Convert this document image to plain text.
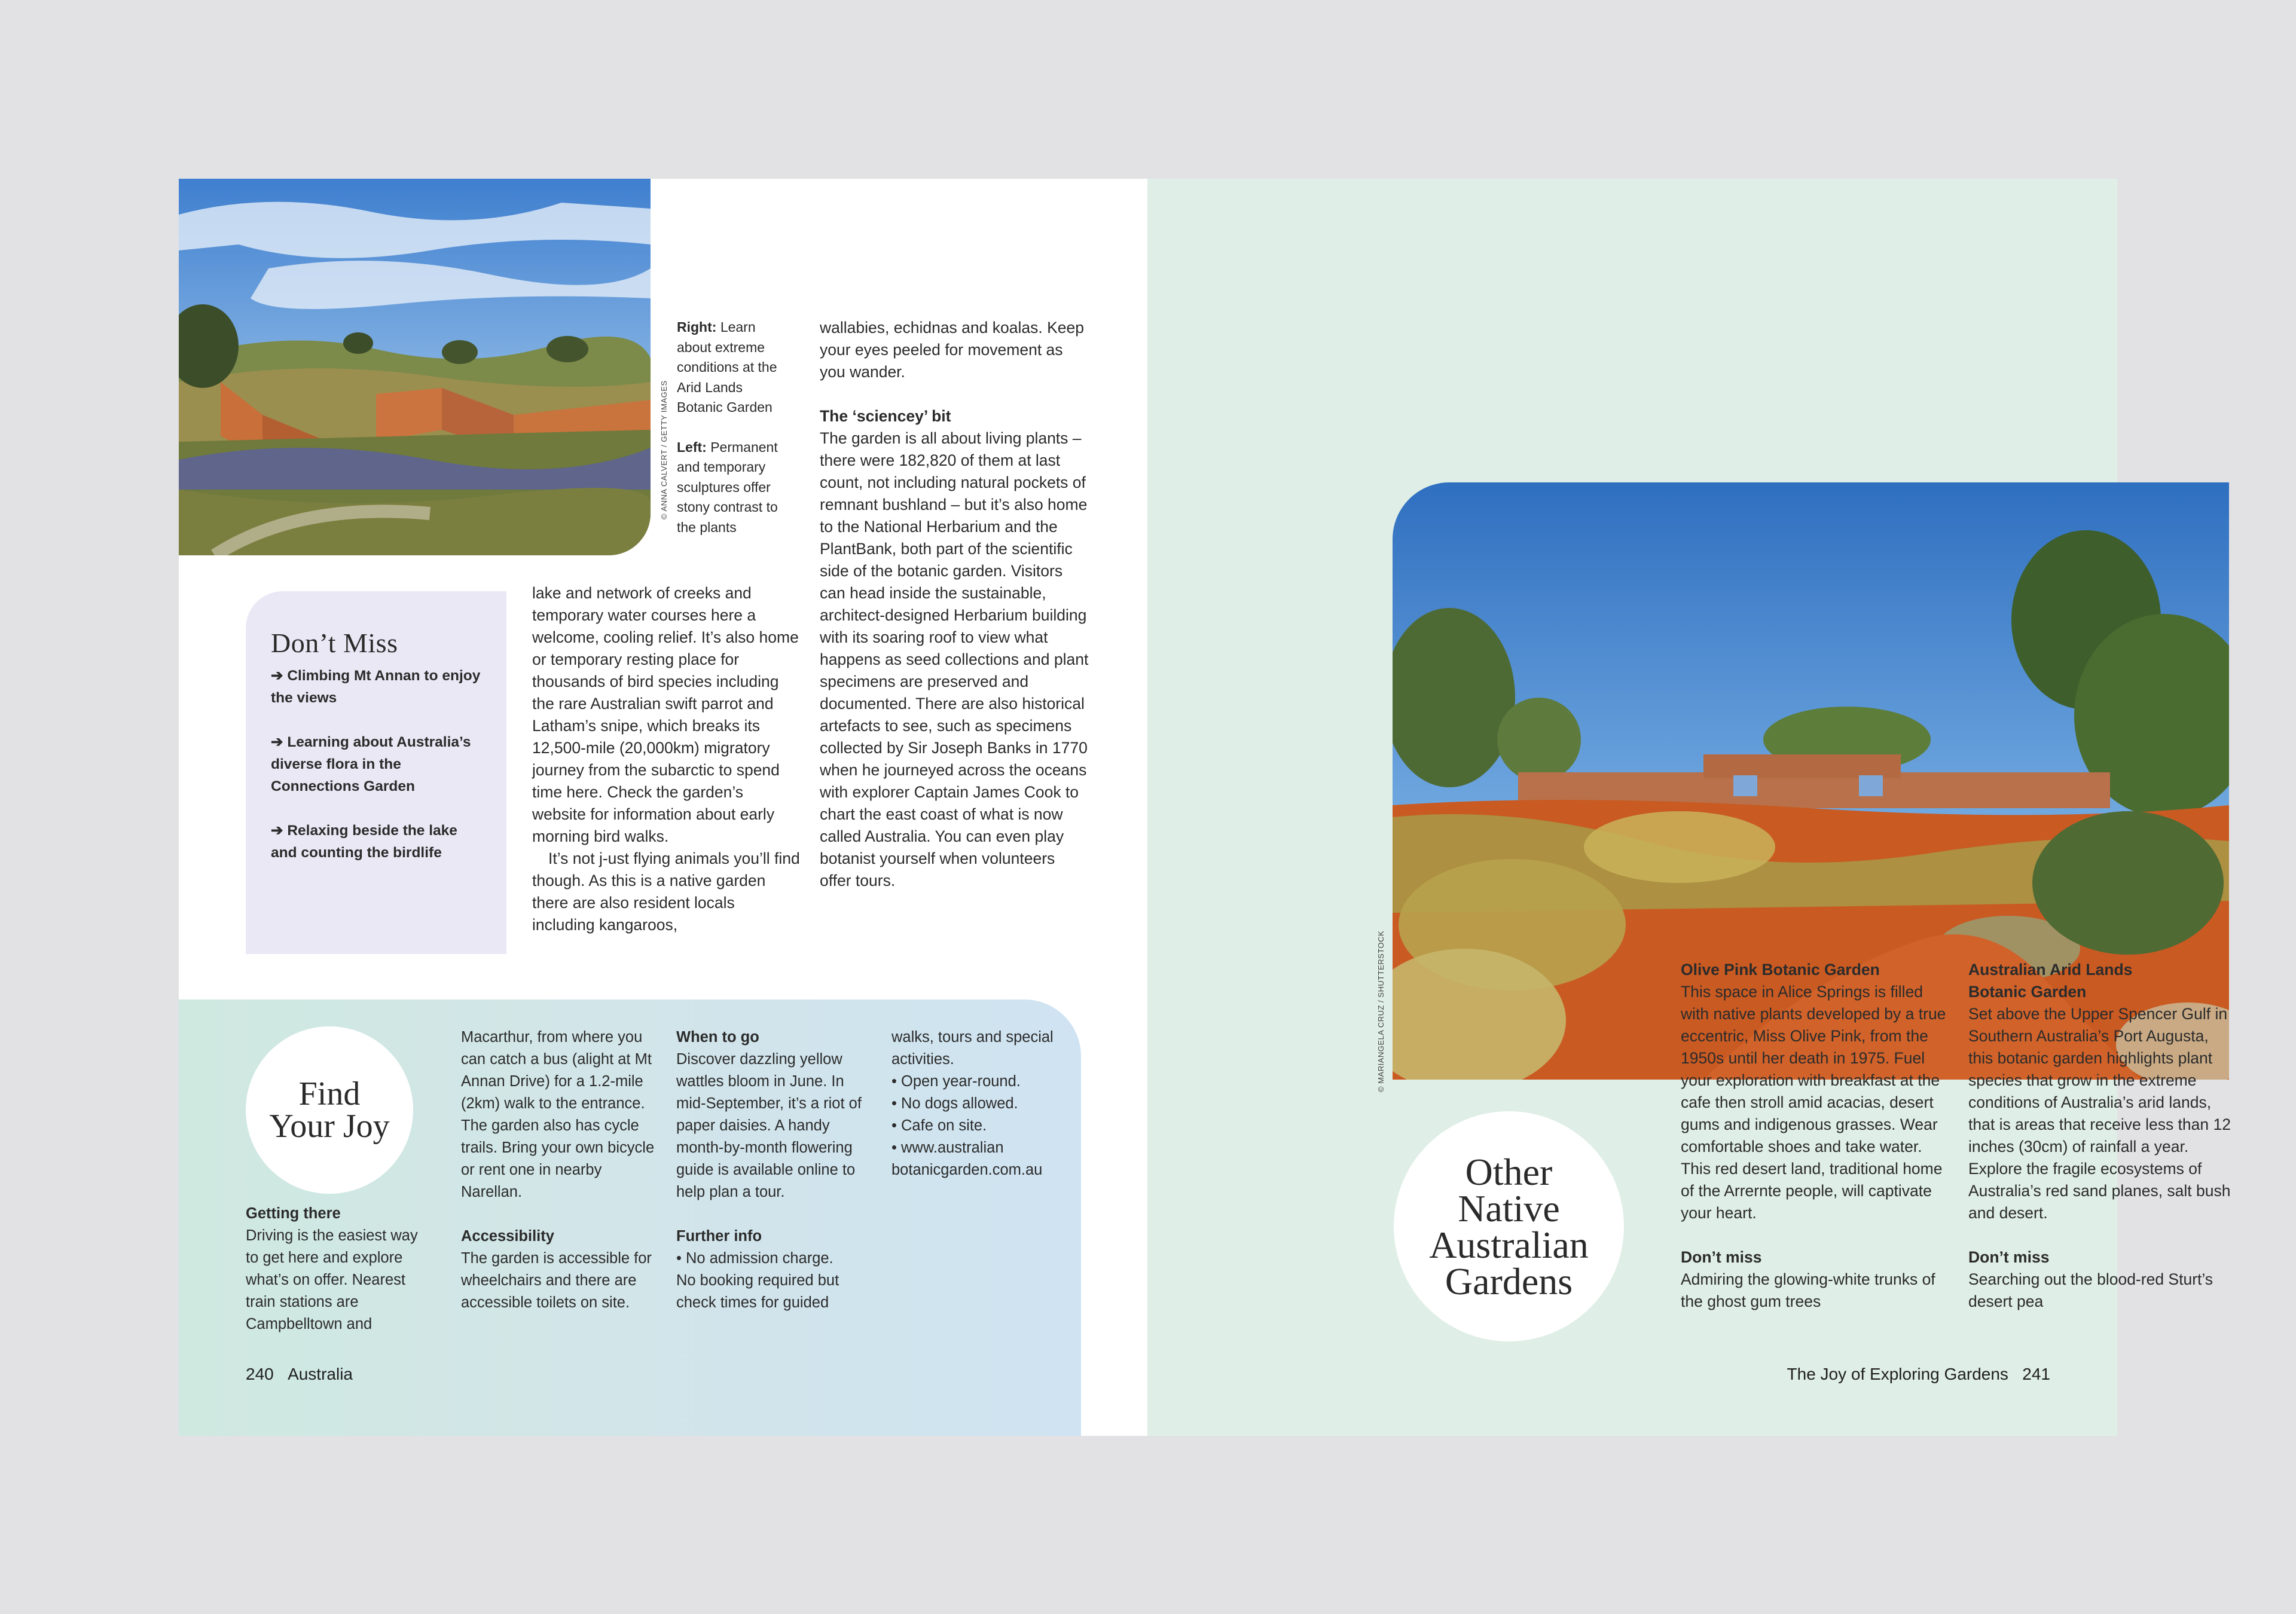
© ANNA CALVERT / GETTY IMAGES

Right: Learn about extreme conditions at the Arid Lands Botanic Garden

Left: Permanent and temporary sculptures offer stony contrast to the plants

Don’t Miss
➔ Climbing Mt Annan to enjoy the views
➔ Learning about Australia’s diverse flora in the Connections Garden
➔ Relaxing beside the lake and counting the birdlife

lake and network of creeks and temporary water courses here a welcome, cooling relief. It’s also home or temporary resting place for thousands of bird species including the rare Australian swift parrot and Latham’s snipe, which breaks its 12,500-mile (20,000km) migratory journey from the subarctic to spend time here. Check the garden’s website for information about early morning bird walks.

It’s not j-ust flying animals you’ll find though. As this is a native garden there are also resident locals including kangaroos,

wallabies, echidnas and koalas. Keep your eyes peeled for movement as you wander.

The ‘sciencey’ bit

The garden is all about living plants – there were 182,820 of them at last count, not including natural pockets of remnant bushland – but it’s also home to the National Herbarium and the PlantBank, both part of the scientific side of the botanic garden. Visitors can head inside the sustainable, architect-designed Herbarium building with its soaring roof to view what happens as seed collections and plant specimens are preserved and documented. There are also historical artefacts to see, such as specimens collected by Sir Joseph Banks in 1770 when he journeyed across the oceans with explorer Captain James Cook to chart the east coast of what is now called Australia. You can even play botanist yourself when volunteers offer tours.

Find
Your Joy

Getting there

Driving is the easiest way to get here and explore what’s on offer. Nearest train stations are Campbelltown and

Macarthur, from where you can catch a bus (alight at Mt Annan Drive) for a 1.2-mile (2km) walk to the entrance. The garden also has cycle trails. Bring your own bicycle or rent one in nearby Narellan.

Accessibility

The garden is accessible for wheelchairs and there are accessible toilets on site.

When to go

Discover dazzling yellow wattles bloom in June. In mid-September, it’s a riot of paper daisies. A handy month-by-month flowering guide is available online to help plan a tour.

Further info

• No admission charge.

No booking required but check times for guided

walks, tours and special activities.

• Open year-round.

• No dogs allowed.

• Cafe on site.

• www.australian botanicgarden.com.au

240 Australia
© MARIANGELA CRUZ / SHUTTERSTOCK
Other
Native
Australian
Gardens

Olive Pink Botanic Garden

This space in Alice Springs is filled with native plants developed by a true eccentric, Miss Olive Pink, from the 1950s until her death in 1975. Fuel your exploration with breakfast at the cafe then stroll amid acacias, desert gums and indigenous grasses. Wear comfortable shoes and take water. This red desert land, traditional home of the Arrernte people, will captivate your heart.

Don’t miss

Admiring the glowing-white trunks of the ghost gum trees

Australian Arid Lands

Botanic Garden

Set above the Upper Spencer Gulf in Southern Australia’s Port Augusta, this botanic garden highlights plant species that grow in the extreme conditions of Australia’s arid lands, that is areas that receive less than 12 inches (30cm) of rainfall a year. Explore the fragile ecosystems of Australia’s red sand planes, salt bush and desert.

Don’t miss

Searching out the blood-red Sturt’s desert pea

The Joy of Exploring Gardens 241
